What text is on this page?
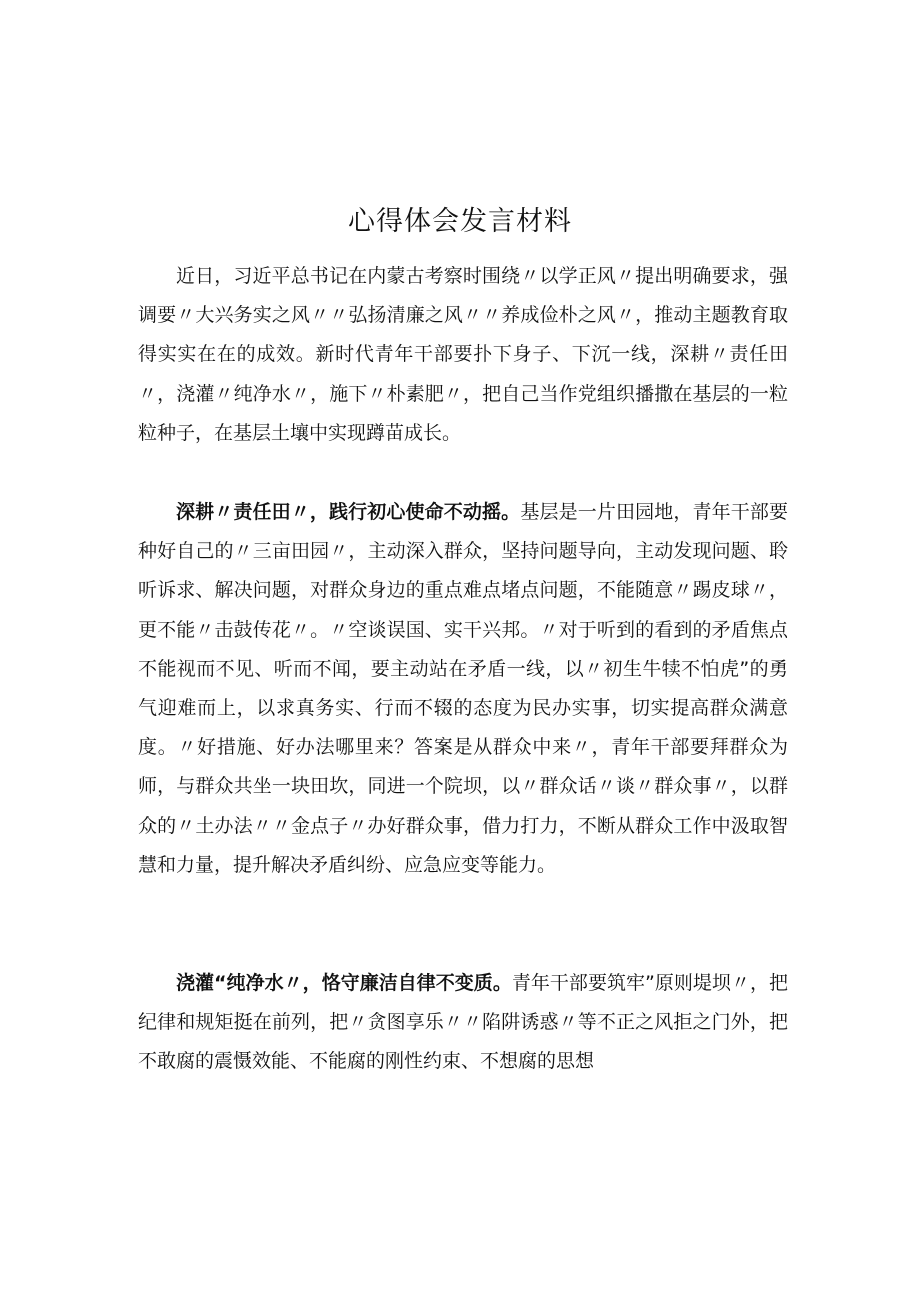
心得体会发言材料

近日，习近平总书记在内蒙古考察时围绕〃以学正风〃提出明确要求，强调要〃大兴务实之风〃〃弘扬清廉之风〃〃养成俭朴之风〃，推动主题教育取得实实在在的成效。新时代青年干部要扑下身子、下沉一线，深耕〃责任田〃，浇灌〃纯净水〃，施下〃朴素肥〃，把自己当作党组织播撒在基层的一粒粒种子，在基层土壤中实现蹲苗成长。

深耕〃责任田〃，践行初心使命不动摇。基层是一片田园地，青年干部要种好自己的〃三亩田园〃，主动深入群众，坚持问题导向，主动发现问题、聆听诉求、解决问题，对群众身边的重点难点堵点问题，不能随意〃踢皮球〃，更不能〃击鼓传花〃。〃空谈误国、实干兴邦。〃对于听到的看到的矛盾焦点不能视而不见、听而不闻，要主动站在矛盾一线，以〃初生牛犊不怕虎”的勇气迎难而上，以求真务实、行而不辍的态度为民办实事，切实提高群众满意度。〃好措施、好办法哪里来？答案是从群众中来〃，青年干部要拜群众为师，与群众共坐一块田坎，同进一个院坝，以〃群众话〃谈〃群众事〃，以群众的〃土办法〃〃金点子〃办好群众事，借力打力，不断从群众工作中汲取智慧和力量，提升解决矛盾纠纷、应急应变等能力。

浇灌“纯净水〃，恪守廉洁自律不变质。青年干部要筑牢”原则堤坝〃，把纪律和规矩挺在前列，把〃贪图享乐〃〃陷阱诱惑〃等不正之风拒之门外，把不敢腐的震慑效能、不能腐的刚性约束、不想腐的思想
